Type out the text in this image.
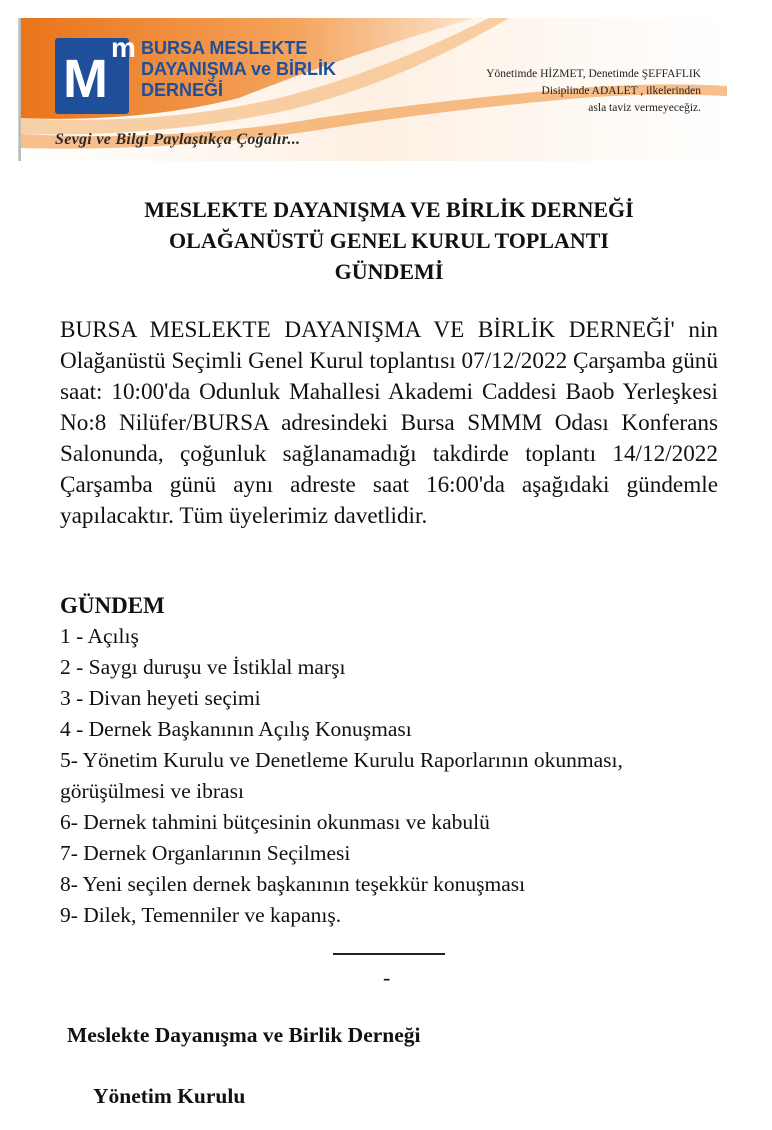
M
m BURSA MESLEKTE
DAYANIŞMA ve BİRLİK
DERNEĞİ
Yönetimde HİZMET, Denetimde ŞEFFAFLIK
Disiplinde ADALET , ilkelerinden
asla taviz vermeyeceğiz.
Sevgi ve Bilgi Paylaştıkça Çoğalır...
MESLEKTE DAYANIŞMA VE BİRLİK DERNEĞİ
OLAĞANÜSTÜ GENEL KURUL TOPLANTI
GÜNDEMİ
BURSA MESLEKTE DAYANIŞMA VE BİRLİK DERNEĞİ' nin Olağanüstü Seçimli Genel Kurul toplantısı 07/12/2022 Çarşamba günü saat: 10:00'da Odunluk Mahallesi Akademi Caddesi Baob Yerleşkesi No:8 Nilüfer/BURSA adresindeki Bursa SMMM Odası Konferans Salonunda, çoğunluk sağlanamadığı takdirde toplantı 14/12/2022 Çarşamba günü aynı adreste saat 16:00'da aşağıdaki gündemle yapılacaktır. Tüm üyelerimiz davetlidir.
GÜNDEM
1 - Açılış
2 - Saygı duruşu ve İstiklal marşı
3 - Divan heyeti seçimi
4 - Dernek Başkanının Açılış Konuşması
5- Yönetim Kurulu ve Denetleme Kurulu Raporlarının okunması, görüşülmesi ve ibrası
6- Dernek tahmini bütçesinin okunması ve kabulü
7- Dernek Organlarının Seçilmesi
8- Yeni seçilen dernek başkanının teşekkür konuşması
9- Dilek, Temenniler ve kapanış.
-
Meslekte Dayanışma ve Birlik Derneği
Yönetim Kurulu
